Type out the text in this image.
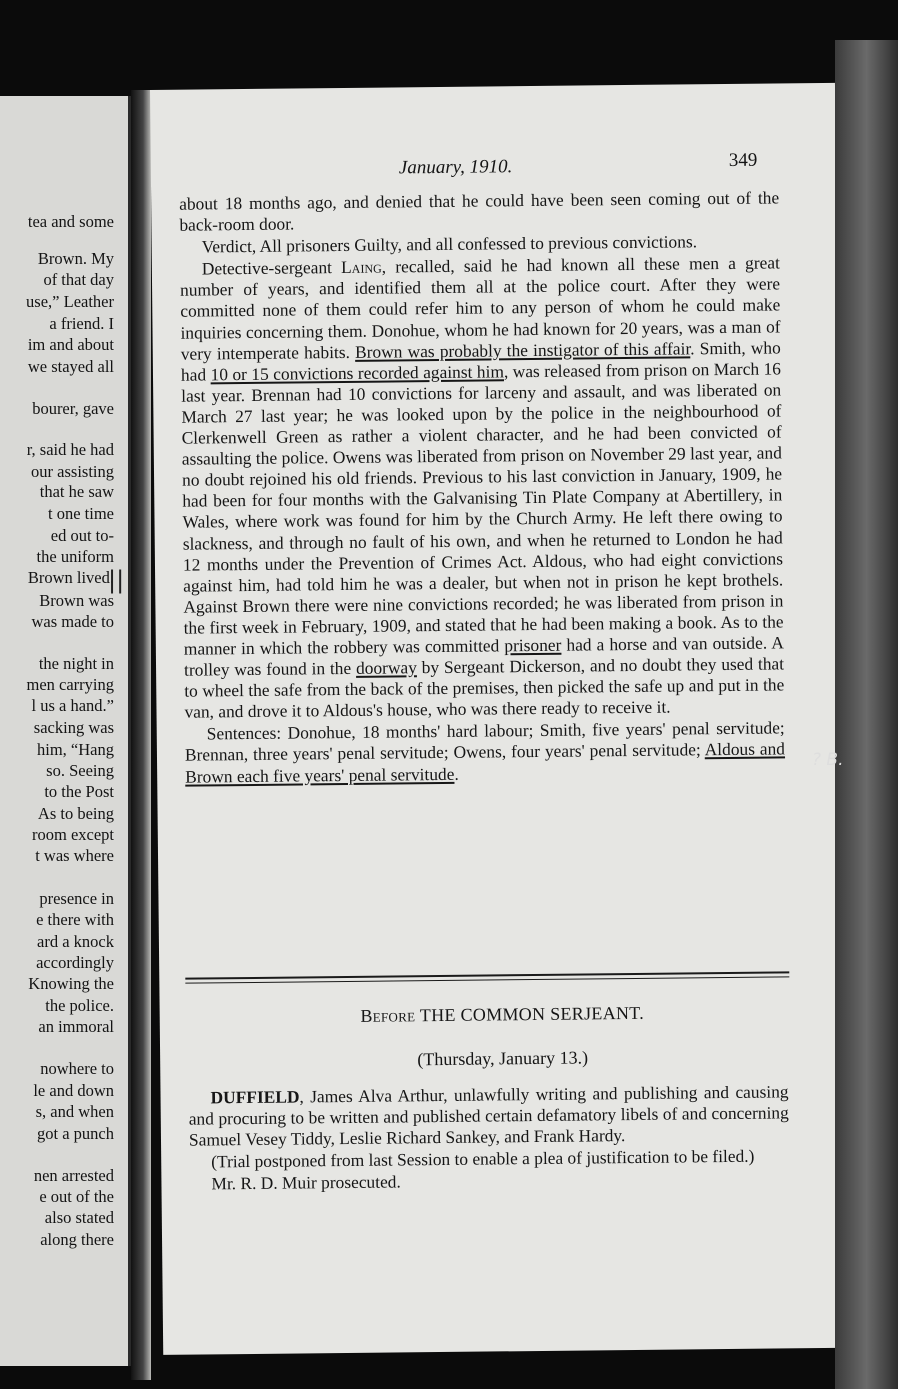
tea and some
Brown. My
of that day
use,” Leather
a friend. I
im and about
we stayed all
bourer, gave
r, said he had
our assisting
that he saw
t one time
ed out to-
the uniform
Brown lived.
Brown was
was made to
the night in
men carrying
l us a hand.”
sacking was
him, “Hang
so. Seeing
to the Post
As to being
room except
t was where
presence in
e there with
ard a knock
accordingly
Knowing the
the police.
an immoral
nowhere to
le and down
s, and when
got a punch
nen arrested
e out of the
also stated
along there
||
January, 1910.	349

about 18 months ago, and denied that he could have been seen coming out of the back-room door.

Verdict, All prisoners Guilty, and all confessed to previous convictions.

Detective-sergeant Laing, recalled, said he had known all these men a great number of years, and identified them all at the police court. After they were committed none of them could refer him to any person of whom he could make inquiries concerning them. Donohue, whom he had known for 20 years, was a man of very intemperate habits. Brown was probably the instigator of this affair. Smith, who had 10 or 15 convictions recorded against him, was released from prison on March 16 last year. Brennan had 10 convictions for larceny and assault, and was liberated on March 27 last year; he was looked upon by the police in the neighbourhood of Clerkenwell Green as rather a violent character, and he had been convicted of assaulting the police. Owens was liberated from prison on November 29 last year, and no doubt rejoined his old friends. Previous to his last conviction in January, 1909, he had been for four months with the Galvanising Tin Plate Company at Abertillery, in Wales, where work was found for him by the Church Army. He left there owing to slackness, and through no fault of his own, and when he returned to London he had 12 months under the Prevention of Crimes Act. Aldous, who had eight convictions against him, had told him he was a dealer, but when not in prison he kept brothels. Against Brown there were nine convictions recorded; he was liberated from prison in the first week in February, 1909, and stated that he had been making a book. As to the manner in which the robbery was committed prisoner had a horse and van outside. A trolley was found in the doorway by Sergeant Dickerson, and no doubt they used that to wheel the safe from the back of the premises, then picked the safe up and put in the van, and drove it to Aldous's house, who was there ready to receive it.

Sentences: Donohue, 18 months' hard labour; Smith, five years' penal servitude; Brennan, three years' penal servitude; Owens, four years' penal servitude; Aldous and Brown each five years' penal servitude.

Before THE COMMON SERJEANT.
(Thursday, January 13.)

DUFFIELD, James Alva Arthur, unlawfully writing and publishing and causing and procuring to be written and published certain defamatory libels of and concerning Samuel Vesey Tiddy, Leslie Richard Sankey, and Frank Hardy.

(Trial postponed from last Session to enable a plea of justification to be filed.)

Mr. R. D. Muir prosecuted.

? B.
